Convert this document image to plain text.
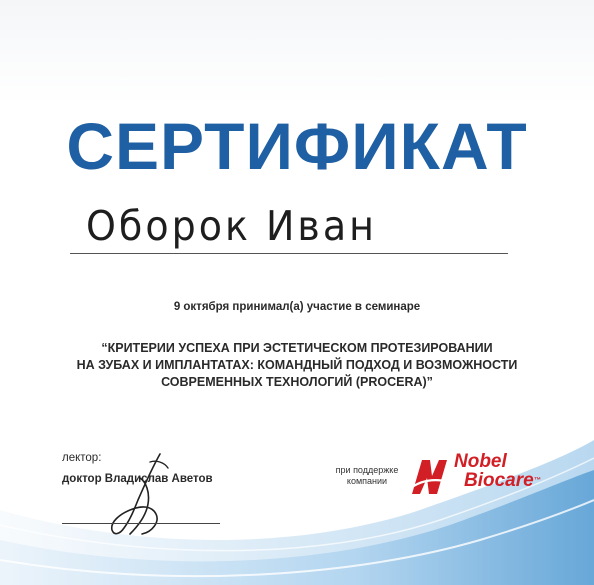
СЕРТИФИКАТ
Оборок Иван
9 октября принимал(а) участие в семинаре
“КРИТЕРИИ УСПЕХА ПРИ ЭСТЕТИЧЕСКОМ ПРОТЕЗИРОВАНИИ
НА ЗУБАХ И ИМПЛАНТАТАХ: КОМАНДНЫЙ ПОДХОД И ВОЗМОЖНОСТИ
СОВРЕМЕННЫХ ТЕХНОЛОГИЙ (PROCERA)”
лектор:
доктор Владислав Аветов
при поддержке
компании
Nobel
Biocare™
